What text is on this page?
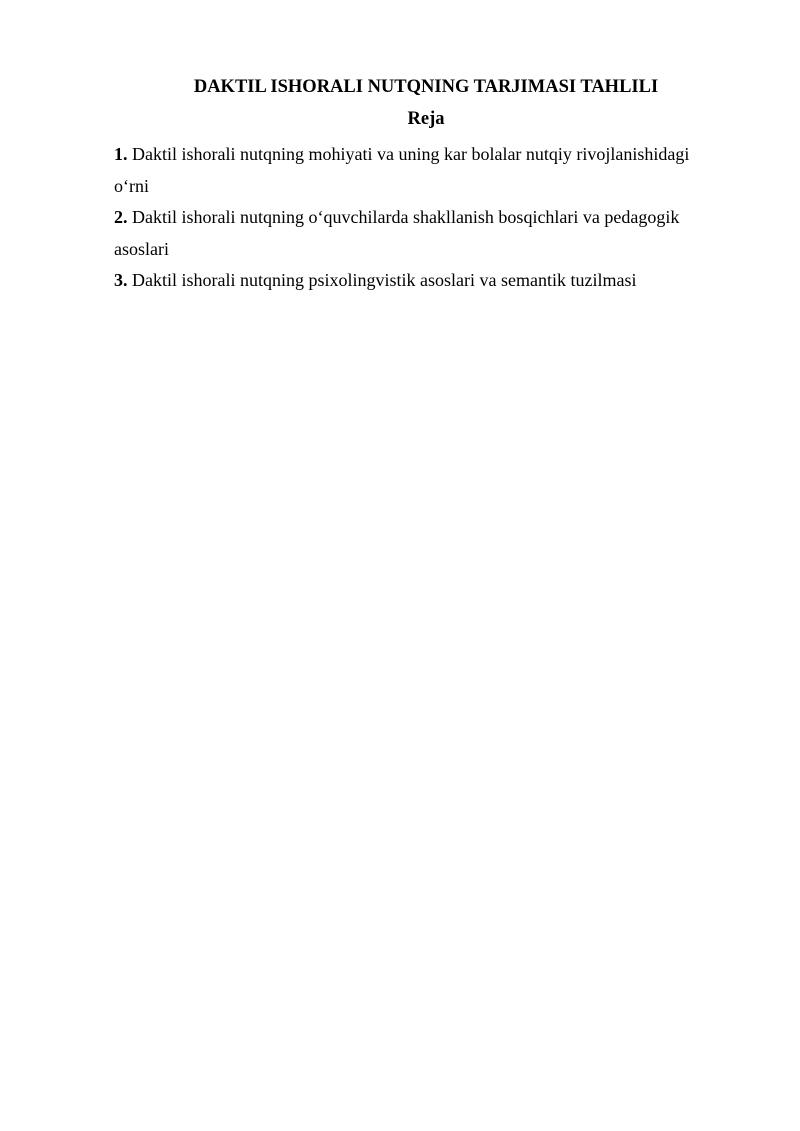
DAKTIL ISHORALI NUTQNING TARJIMASI TAHLILI
Reja

1. Daktil ishorali nutqning mohiyati va uning kar bolalar nutqiy rivojlanishidagi o‘rni

2. Daktil ishorali nutqning o‘quvchilarda shakllanish bosqichlari va pedagogik asoslari

3. Daktil ishorali nutqning psixolingvistik asoslari va semantik tuzilmasi
